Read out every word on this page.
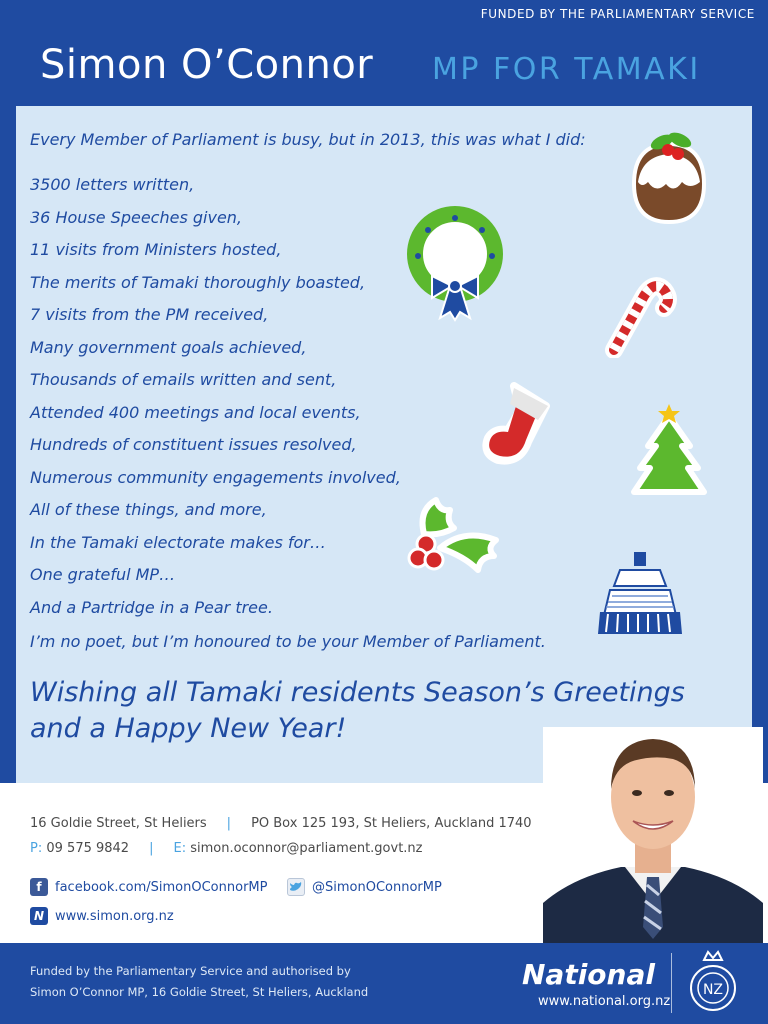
FUNDED BY THE PARLIAMENTARY SERVICE
Simon O’Connor MP FOR TAMAKI
Every Member of Parliament is busy, but in 2013, this was what I did:
3500 letters written,
36 House Speeches given,
11 visits from Ministers hosted,
The merits of Tamaki thoroughly boasted,
7 visits from the PM received,
Many government goals achieved,
Thousands of emails written and sent,
Attended 400 meetings and local events,
Hundreds of constituent issues resolved,
Numerous community engagements involved,
All of these things, and more,
In the Tamaki electorate makes for…
One grateful MP…
And a Partridge in a Pear tree.
I’m no poet, but I’m honoured to be your Member of Parliament.
Wishing all Tamaki residents Season’s Greetings
and a Happy New Year!
16 Goldie Street, St Heliers | PO Box 125 193, St Heliers, Auckland 1740
P: 09 575 9842 | E: simon.oconnor@parliament.govt.nz
f	facebook.com/SimonOConnorMP	@SimonOConnorMP
N www.simon.org.nz
Funded by the Parliamentary Service and authorised by
Simon O’Connor MP, 16 Goldie Street, St Heliers, Auckland
National
www.national.org.nz
NZ
